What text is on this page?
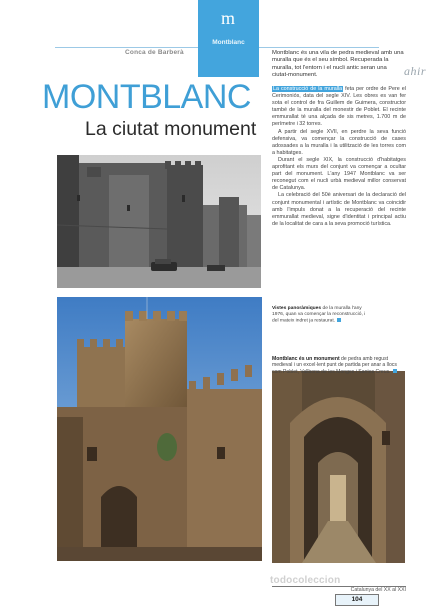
m
Montblanc
Conca de Barberà
MONTBLANC
La ciutat monument
Montblanc és una vila de pedra medieval amb una muralla que és el seu símbol. Recuperada la muralla, tot l'entorn i el nucli antic seran una ciutat-monument.	ahir

La construcció de la muralla feta per ordre de Pere el Cerimoniós, data del segle XIV. Les obres es van fer sota el control de fra Guillem de Guimera, constructor també de la muralla del monestir de Poblet. El recinte emmurallat té una alçada de sis metres, 1.700 m de perímetre i 32 torres.

A partir del segle XVII, en perdre la seva funció defensiva, va començar la construcció de cases adossades a la muralla i la utilització de les torres com a habitatges.

Durant el segle XIX, la construcció d'habitatges aprofitant els murs del conjunt va començar a ocultar part del monument. L'any 1947 Montblanc va ser reconegut com el nucli urbà medieval millor conservat de Catalunya.

La celebració del 50è aniversari de la declaració del conjunt monumental i artístic de Montblanc va coincidir amb l'impuls donat a la recuperació del recinte emmurallat medieval, signe d'identitat i principal actiu de la localitat de cara a la seva promoció turística.

Vistes panoràmiques de la muralla l'any 1976, quan va començar la reconstrucció, i del mateix indret ja restaurat.
Montblanc és un monument de pedra amb regust medieval i un excel·lent punt de partida per anar a llocs com Poblet, Vallbona de les Monges i Santes Creus.
todocoleccion
Catalunya del XX al XXI
104
